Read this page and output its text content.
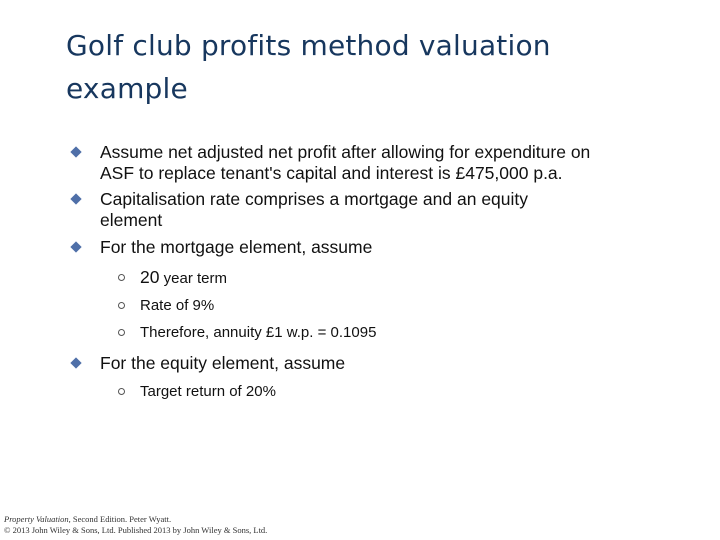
Golf club profits method valuation
example
Assume net adjusted net profit after allowing for expenditure on
ASF to replace tenant's capital and interest is £475,000 p.a.
Capitalisation rate comprises a mortgage and an equity
element
For the mortgage element, assume
20 year term
Rate of 9%
Therefore, annuity £1 w.p. = 0.1095
For the equity element, assume
Target return of 20%
Property Valuation, Second Edition. Peter Wyatt.
© 2013 John Wiley & Sons, Ltd. Published 2013 by John Wiley & Sons, Ltd.
